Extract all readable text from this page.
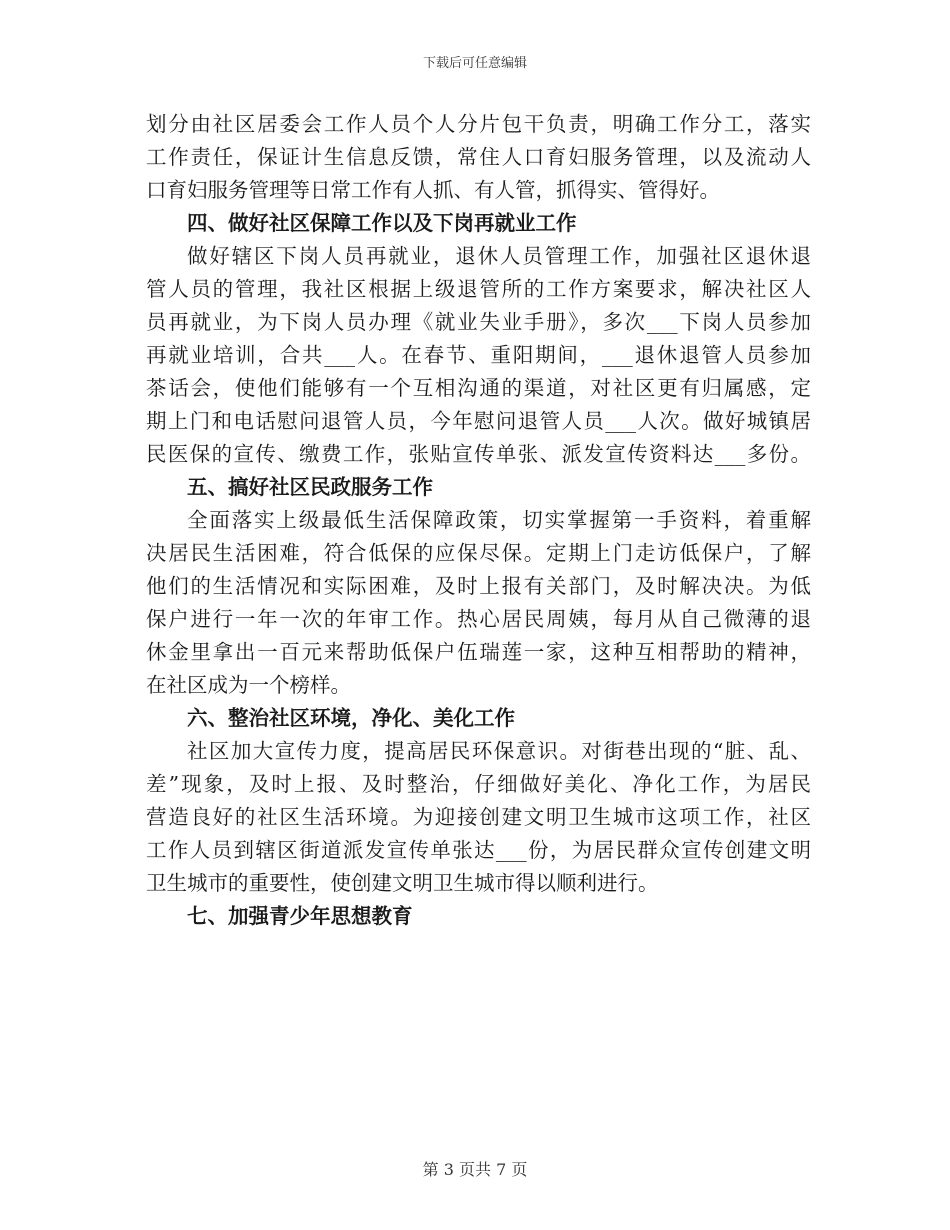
下载后可任意编辑
划分由社区居委会工作人员个人分片包干负责，明确工作分工，落实
工作责任，保证计生信息反馈，常住人口育妇服务管理，以及流动人
口育妇服务管理等日常工作有人抓、有人管，抓得实、管得好。
四、做好社区保障工作以及下岗再就业工作
做好辖区下岗人员再就业，退休人员管理工作，加强社区退休退
管人员的管理，我社区根据上级退管所的工作方案要求，解决社区人
员再就业，为下岗人员办理《就业失业手册》，多次___下岗人员参加
再就业培训，合共___人。在春节、重阳期间，___退休退管人员参加
茶话会，使他们能够有一个互相沟通的渠道，对社区更有归属感，定
期上门和电话慰问退管人员，今年慰问退管人员___人次。做好城镇居
民医保的宣传、缴费工作，张贴宣传单张、派发宣传资料达___多份。
五、搞好社区民政服务工作
全面落实上级最低生活保障政策，切实掌握第一手资料，着重解
决居民生活困难，符合低保的应保尽保。定期上门走访低保户，了解
他们的生活情况和实际困难，及时上报有关部门，及时解决决。为低
保户进行一年一次的年审工作。热心居民周姨，每月从自己微薄的退
休金里拿出一百元来帮助低保户伍瑞莲一家，这种互相帮助的精神，
在社区成为一个榜样。
六、整治社区环境，净化、美化工作
社区加大宣传力度，提高居民环保意识。对街巷出现的“脏、乱、
差”现象，及时上报、及时整治，仔细做好美化、净化工作，为居民
营造良好的社区生活环境。为迎接创建文明卫生城市这项工作，社区
工作人员到辖区街道派发宣传单张达___份，为居民群众宣传创建文明
卫生城市的重要性，使创建文明卫生城市得以顺利进行。
七、加强青少年思想教育
第 3 页共 7 页
